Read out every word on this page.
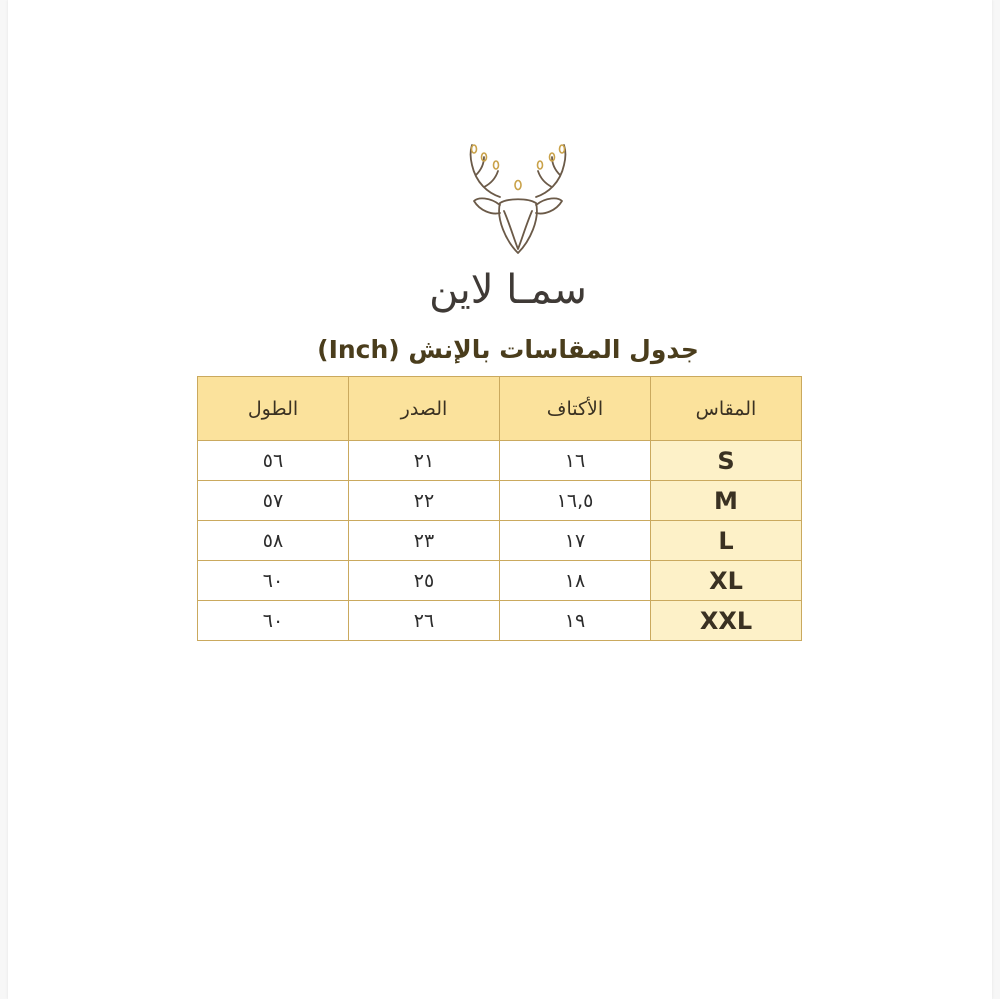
سمـا لاين
جدول المقاسات بالإنش (Inch)
المقاس	الأكتاف	الصدر	الطول
S	١٦	٢١	٥٦
M	١٦,٥	٢٢	٥٧
L	١٧	٢٣	٥٨
XL	١٨	٢٥	٦٠
XXL	١٩	٢٦	٦٠
